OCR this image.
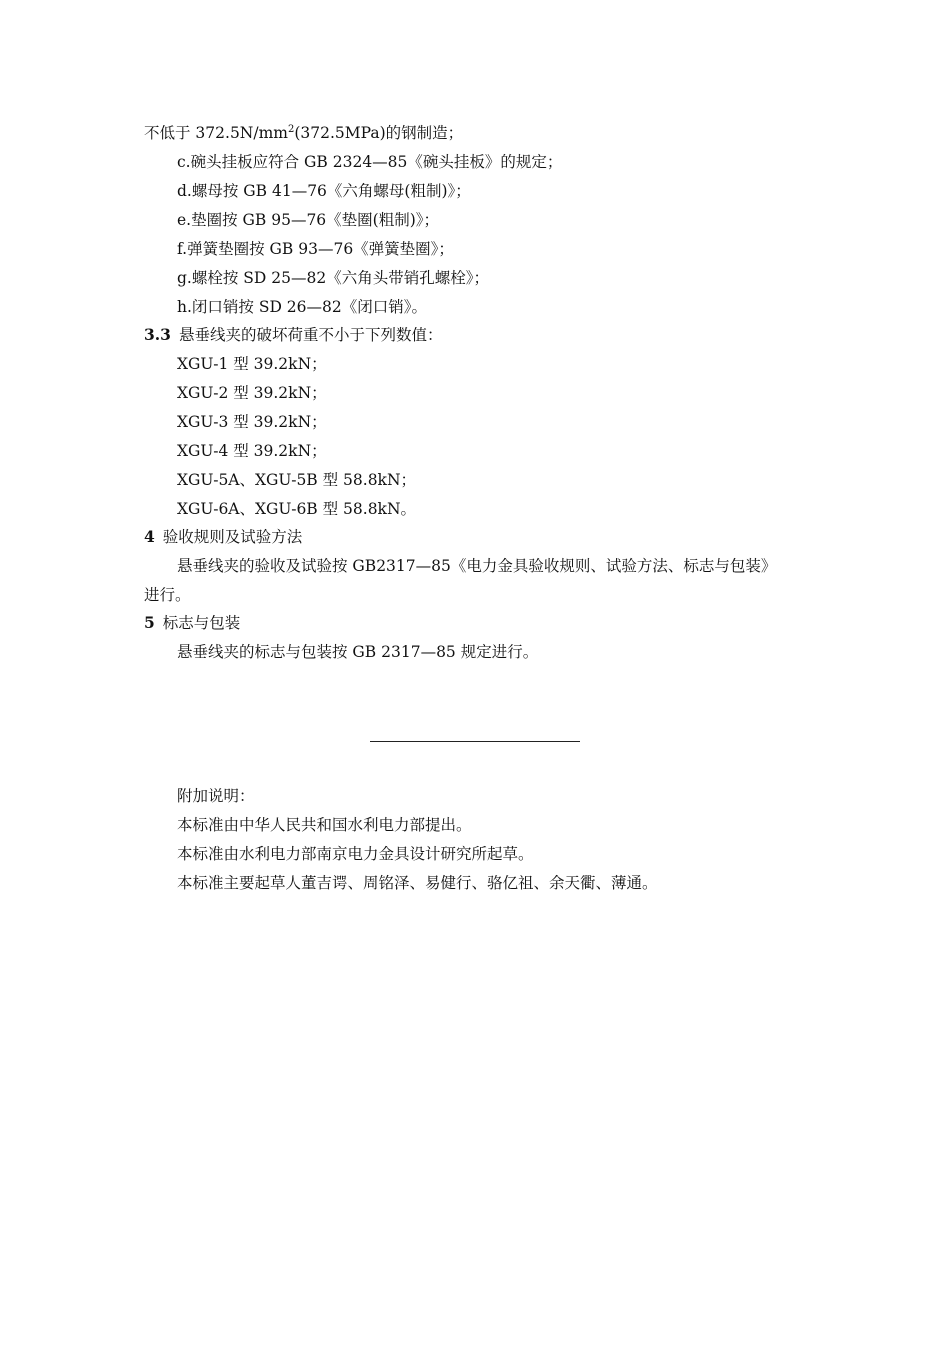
不低于 $372.5N/mm^2(372.5MPa)$的钢制造；
c.碗头挂板应符合 GB 2324—85《碗头挂板》的规定；
d.螺母按 GB 41—76《六角螺母(粗制)》；
e.垫圈按 GB 95—76《垫圈(粗制)》；
f.弹簧垫圈按 GB 93—76《弹簧垫圈》；
g.螺栓按 SD 25—82《六角头带销孔螺栓》；
h.闭口销按 SD 26—82《闭口销》。
3.3 悬垂线夹的破坏荷重不小于下列数值：
XGU-1 型 39.2kN；
XGU-2 型 39.2kN；
XGU-3 型 39.2kN；
XGU-4 型 39.2kN；
XGU-5A、XGU-5B 型 58.8kN；
XGU-6A、XGU-6B 型 58.8kN。
4 验收规则及试验方法
悬垂线夹的验收及试验按 GB2317—85《电力金具验收规则、试验方法、标志与包装》
进行。
5 标志与包装
悬垂线夹的标志与包装按 GB 2317—85 规定进行。
附加说明：
本标准由中华人民共和国水利电力部提出。
本标准由水利电力部南京电力金具设计研究所起草。
本标准主要起草人董吉谔、周铭泽、易健行、骆亿祖、余天衢、薄通。
